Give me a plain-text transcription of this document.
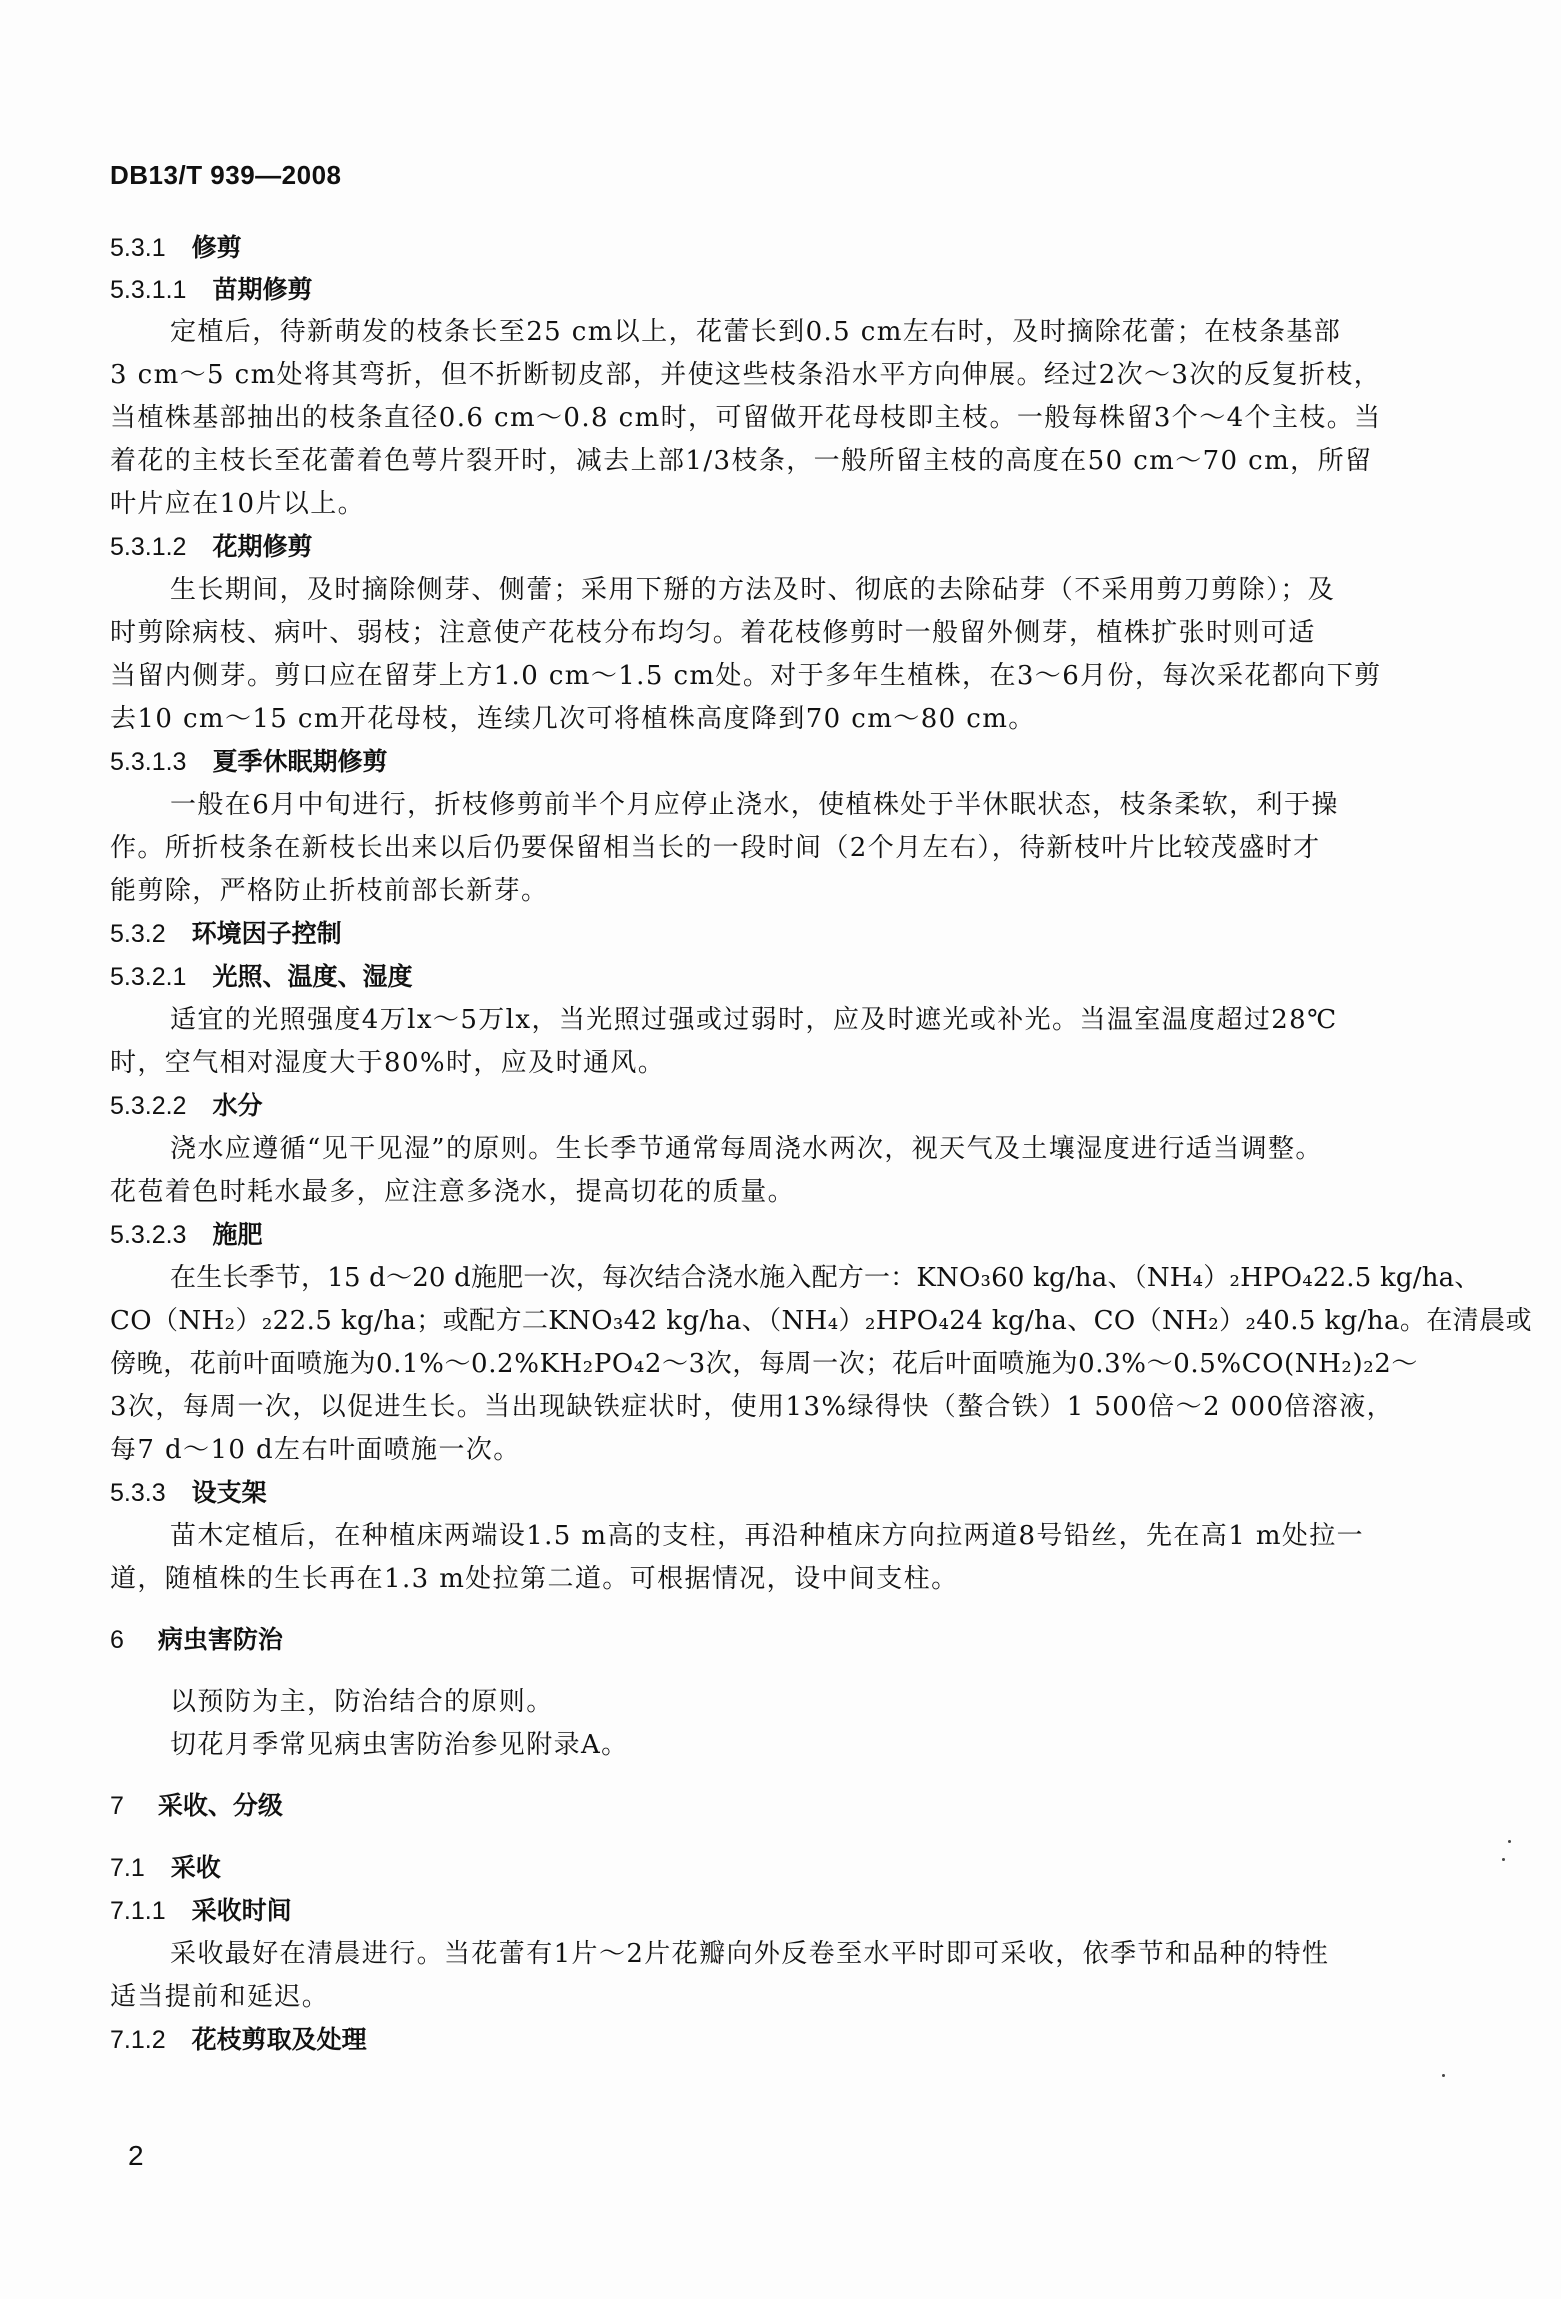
DB13/T 939—2008
5.3.1 修剪
5.3.1.1 苗期修剪
定植后，待新萌发的枝条长至25 cm以上，花蕾长到0.5 cm左右时，及时摘除花蕾；在枝条基部
3 cm～5 cm处将其弯折，但不折断韧皮部，并使这些枝条沿水平方向伸展。经过2次～3次的反复折枝，
当植株基部抽出的枝条直径0.6 cm～0.8 cm时，可留做开花母枝即主枝。一般每株留3个～4个主枝。当
着花的主枝长至花蕾着色萼片裂开时，减去上部1/3枝条，一般所留主枝的高度在50 cm～70 cm，所留
叶片应在10片以上。
5.3.1.2 花期修剪
生长期间，及时摘除侧芽、侧蕾；采用下掰的方法及时、彻底的去除砧芽（不采用剪刀剪除）；及
时剪除病枝、病叶、弱枝；注意使产花枝分布均匀。着花枝修剪时一般留外侧芽，植株扩张时则可适
当留内侧芽。剪口应在留芽上方1.0 cm～1.5 cm处。对于多年生植株，在3～6月份，每次采花都向下剪
去10 cm～15 cm开花母枝，连续几次可将植株高度降到70 cm～80 cm。
5.3.1.3 夏季休眠期修剪
一般在6月中旬进行，折枝修剪前半个月应停止浇水，使植株处于半休眠状态，枝条柔软，利于操
作。所折枝条在新枝长出来以后仍要保留相当长的一段时间（2个月左右），待新枝叶片比较茂盛时才
能剪除，严格防止折枝前部长新芽。
5.3.2 环境因子控制
5.3.2.1 光照、温度、湿度
适宜的光照强度4万lx～5万lx，当光照过强或过弱时，应及时遮光或补光。当温室温度超过28℃
时，空气相对湿度大于80%时，应及时通风。
5.3.2.2 水分
浇水应遵循“见干见湿”的原则。生长季节通常每周浇水两次，视天气及土壤湿度进行适当调整。
花苞着色时耗水最多，应注意多浇水，提高切花的质量。
5.3.2.3 施肥
在生长季节，15 d～20 d施肥一次，每次结合浇水施入配方一：KNO₃60 kg/ha、（NH₄）₂HPO₄22.5 kg/ha、
CO（NH₂）₂22.5 kg/ha；或配方二KNO₃42 kg/ha、（NH₄）₂HPO₄24 kg/ha、CO（NH₂）₂40.5 kg/ha。在清晨或
傍晚，花前叶面喷施为0.1%～0.2%KH₂PO₄2～3次，每周一次；花后叶面喷施为0.3%～0.5%CO(NH₂)₂2～
3次，每周一次，以促进生长。当出现缺铁症状时，使用13%绿得快（螯合铁）1 500倍～2 000倍溶液，
每7 d～10 d左右叶面喷施一次。
5.3.3 设支架
苗木定植后，在种植床两端设1.5 m高的支柱，再沿种植床方向拉两道8号铅丝，先在高1 m处拉一
道，随植株的生长再在1.3 m处拉第二道。可根据情况，设中间支柱。
6 病虫害防治
以预防为主，防治结合的原则。
切花月季常见病虫害防治参见附录A。
7 采收、分级
7.1 采收
7.1.1 采收时间
采收最好在清晨进行。当花蕾有1片～2片花瓣向外反卷至水平时即可采收，依季节和品种的特性
适当提前和延迟。
7.1.2 花枝剪取及处理
2
